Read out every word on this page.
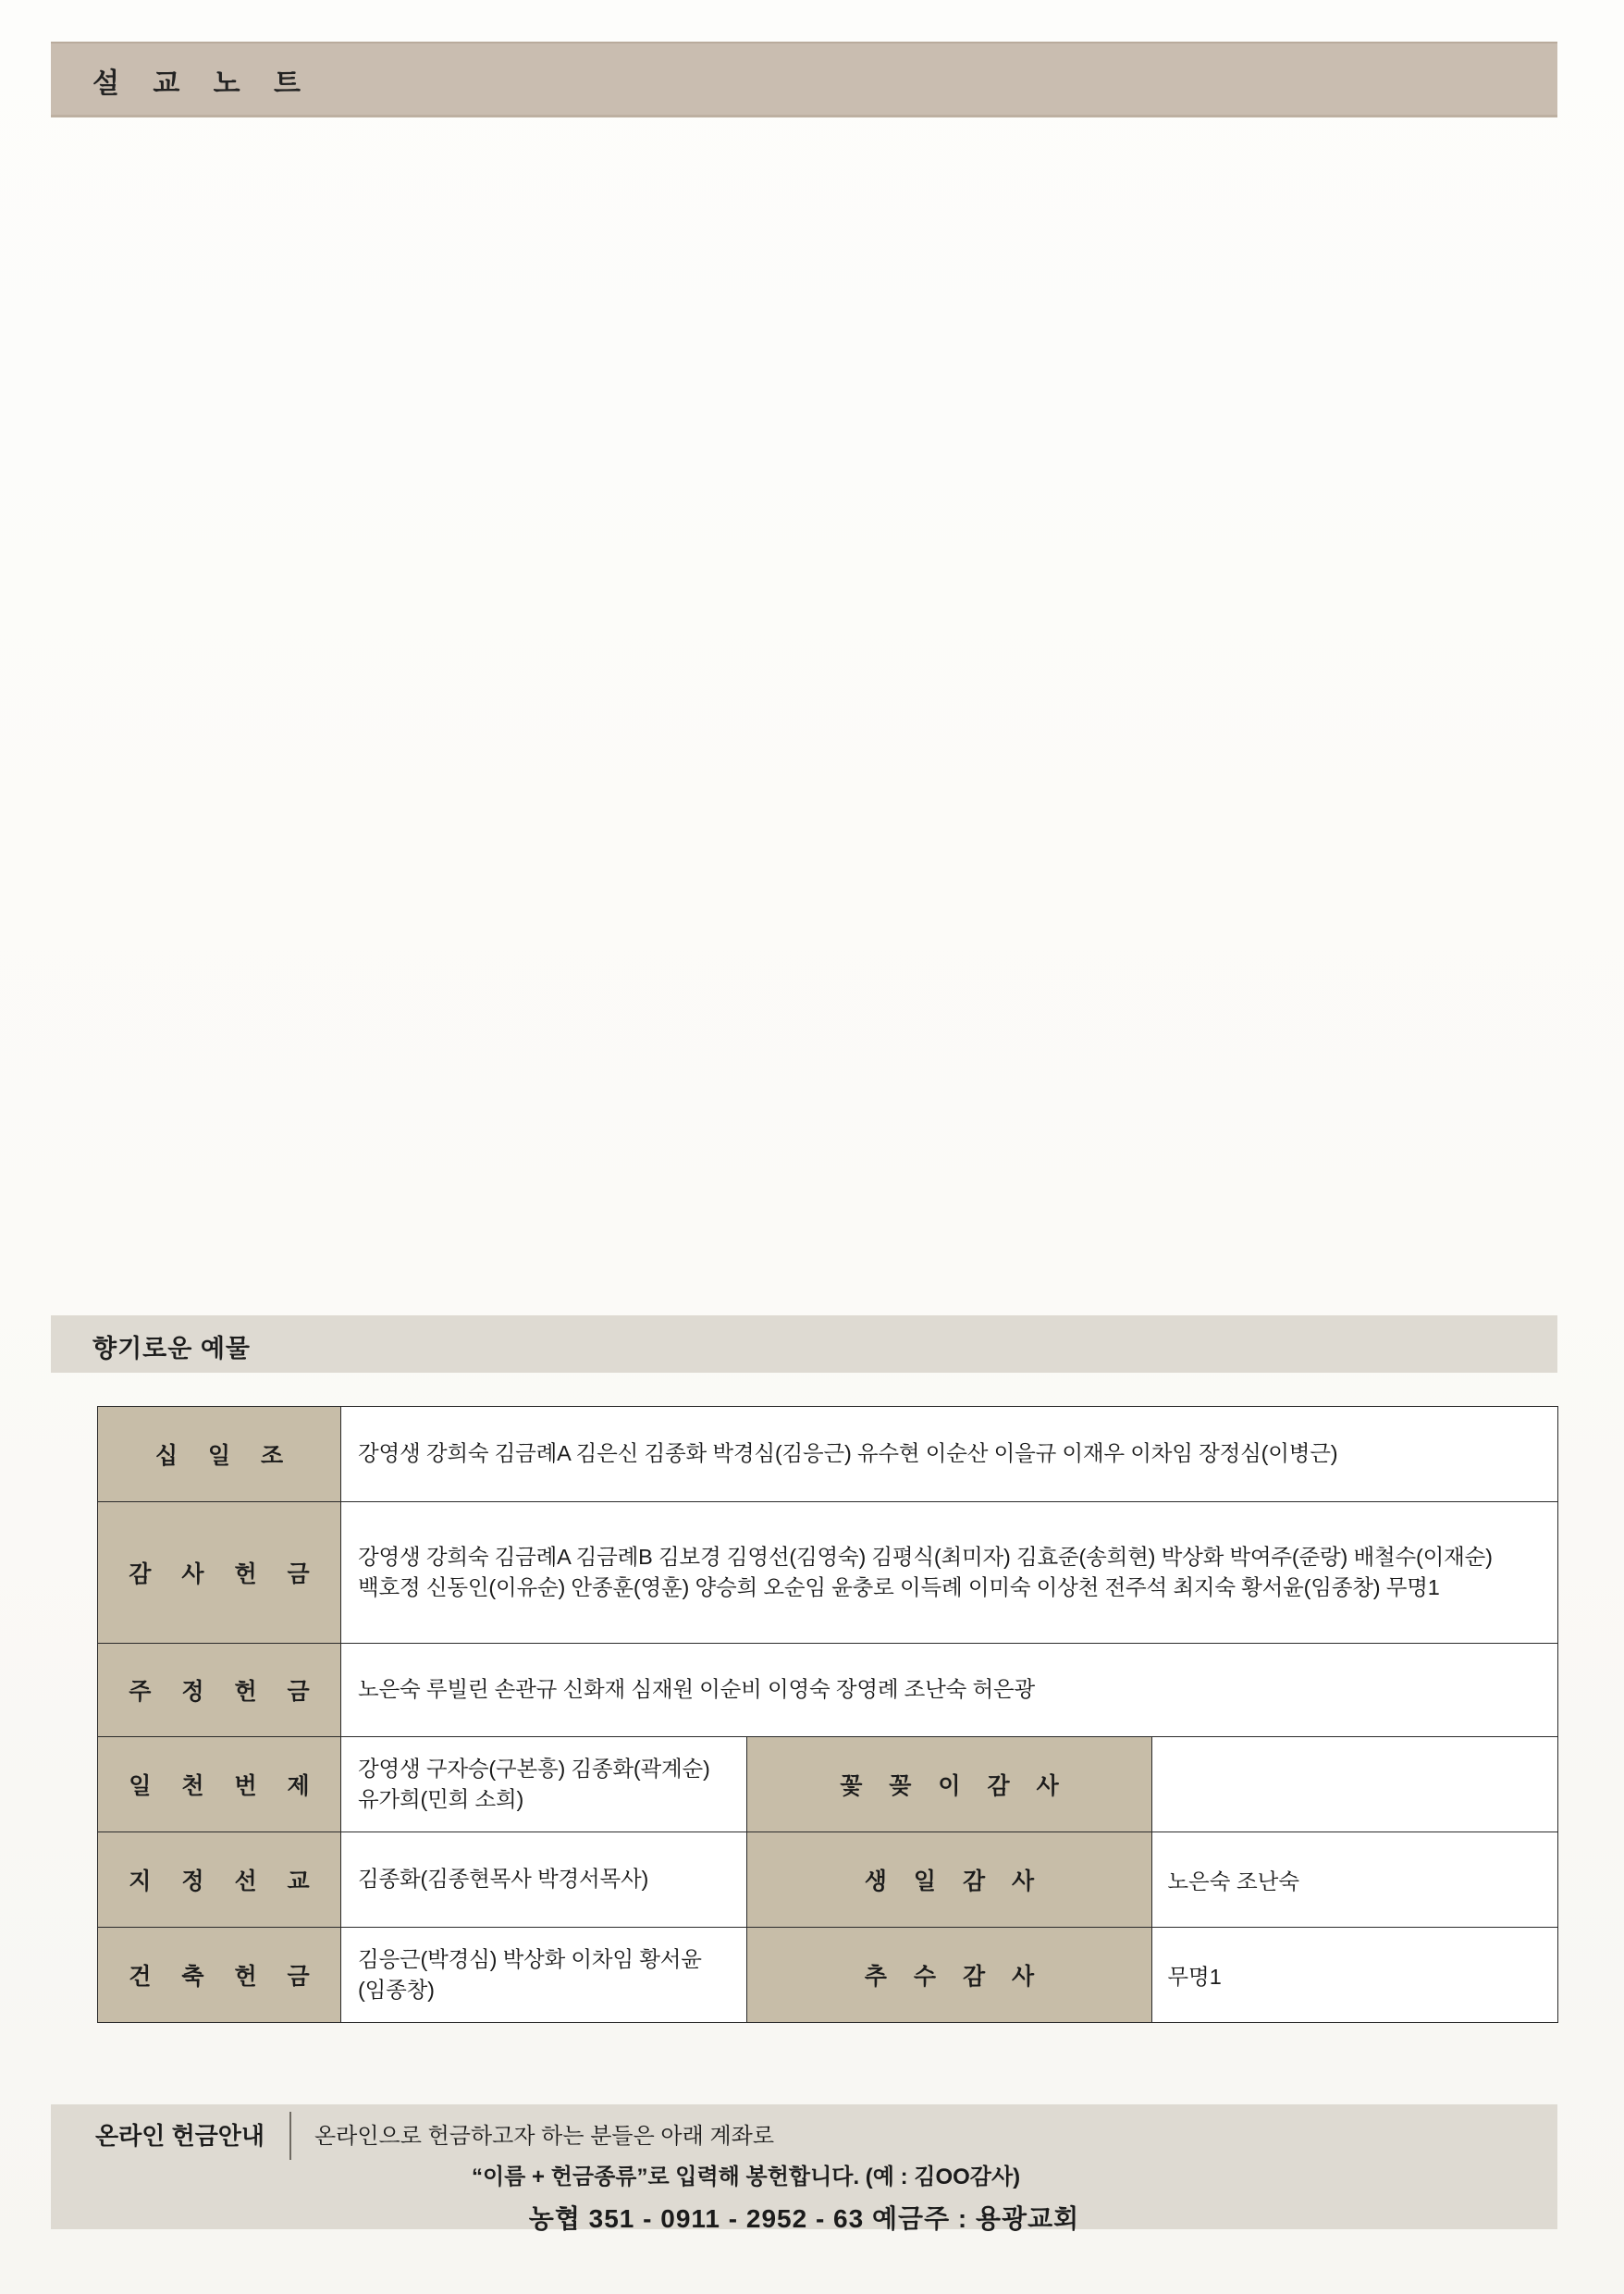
설 교 노 트
향기로운 예물
십 일 조	강영생 강희숙 김금례A 김은신 김종화 박경심(김응근) 유수현 이순산 이을규 이재우 이차임 장정심(이병근)		
감 사 헌 금	강영생 강희숙 김금례A 김금례B 김보경 김영선(김영숙) 김평식(최미자) 김효준(송희현) 박상화 박여주(준랑) 배철수(이재순) 백호정 신동인(이유순) 안종훈(영훈) 양승희 오순임 윤충로 이득례 이미숙 이상천 전주석 최지숙 황서윤(임종창) 무명1		
주 정 헌 금	노은숙 루빌린 손관규 신화재 심재원 이순비 이영숙 장영례 조난숙 허은광		
일 천 번 제	강영생 구자승(구본흥) 김종화(곽계순) 유가희(민희 소희)	꽃 꽂 이 감 사	
지 정 선 교	김종화(김종현목사 박경서목사)	생 일 감 사	노은숙 조난숙
건 축 헌 금	김응근(박경심) 박상화 이차임 황서윤(임종창)	추 수 감 사	무명1
온라인 헌금안내 온라인으로 헌금하고자 하는 분들은 아래 계좌로
“이름 + 헌금종류”로 입력해 봉헌합니다. (예 : 김OO감사)
농협 351 - 0911 - 2952 - 63 예금주 : 용광교회
